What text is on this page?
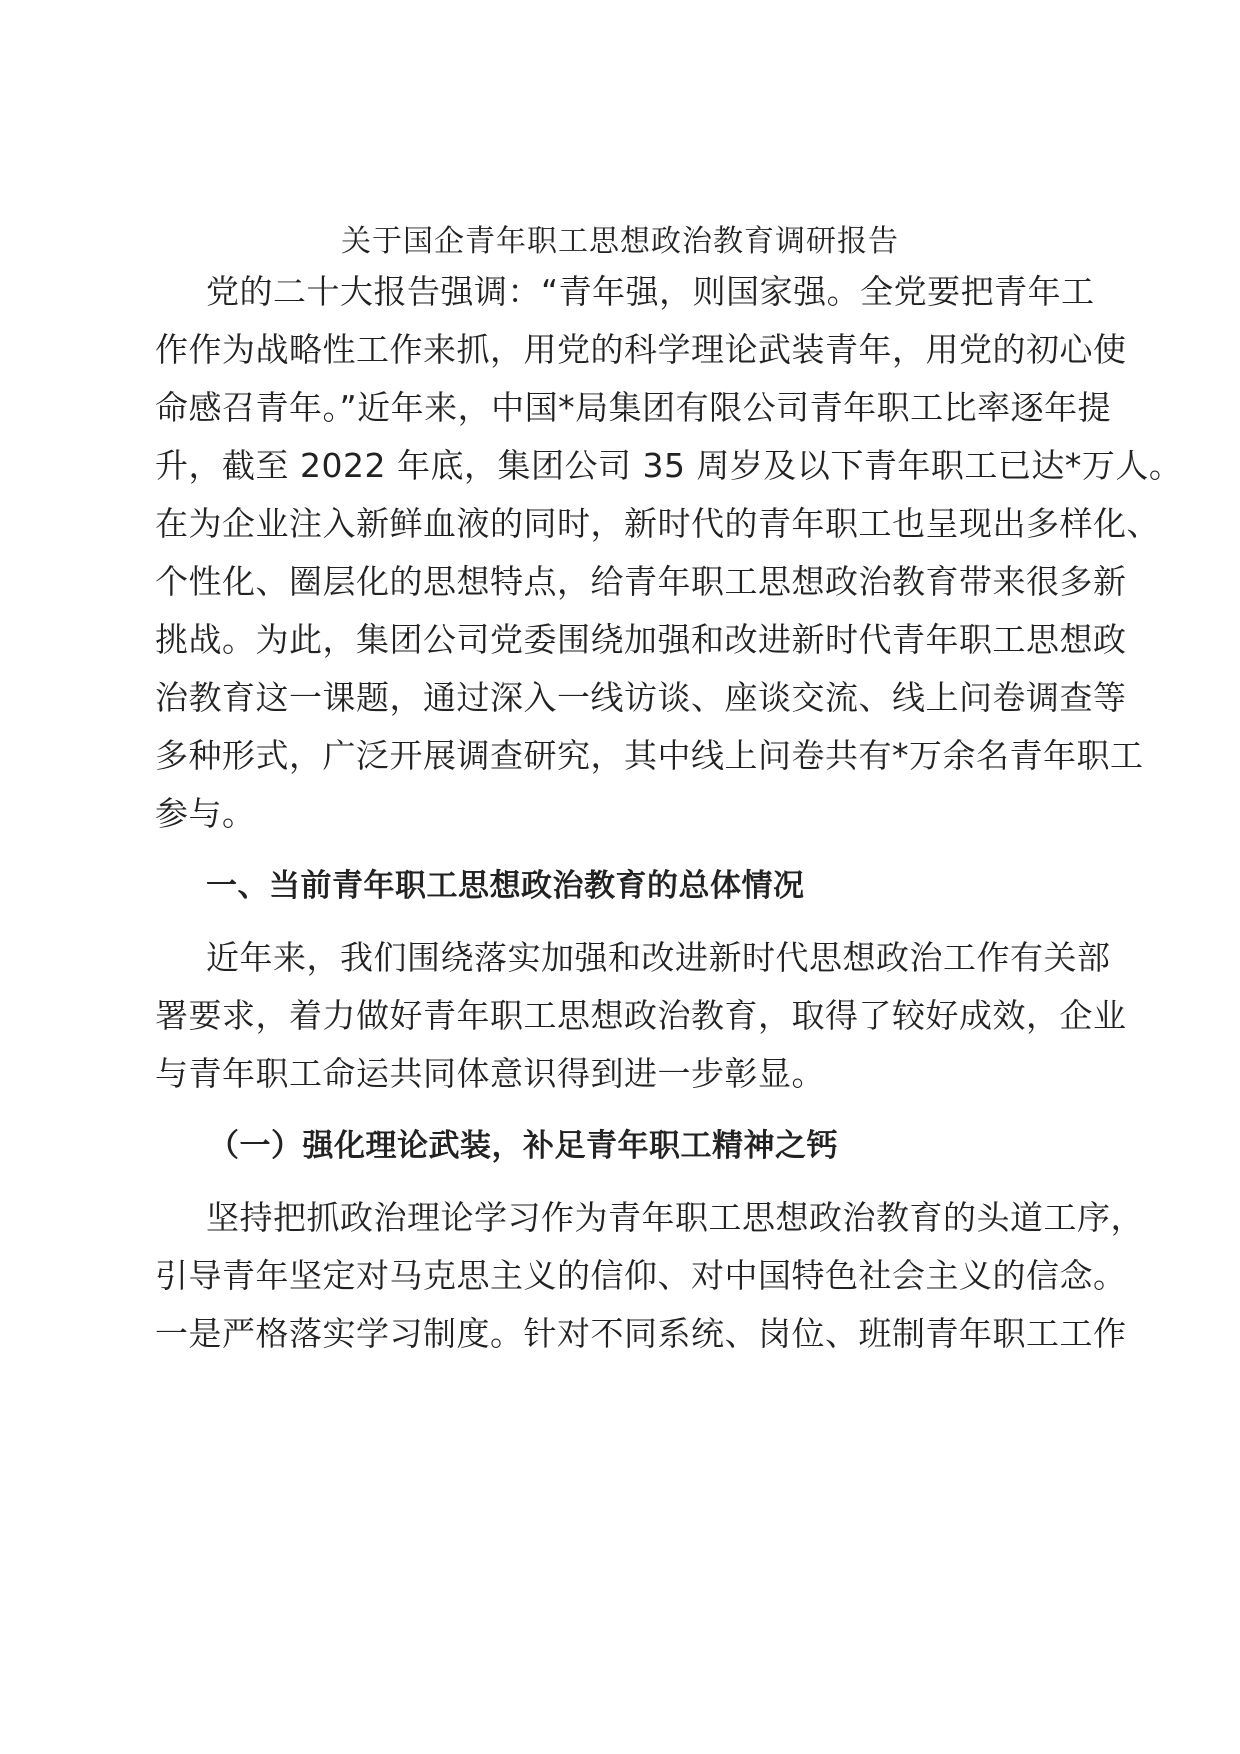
关于国企青年职工思想政治教育调研报告

党的二十大报告强调：“青年强，则国家强。全党要把青年工

作作为战略性工作来抓，用党的科学理论武装青年，用党的初心使

命感召青年。”近年来，中国*局集团有限公司青年职工比率逐年提

升，截至 2022 年底，集团公司 35 周岁及以下青年职工已达*万人。

在为企业注入新鲜血液的同时，新时代的青年职工也呈现出多样化、

个性化、圈层化的思想特点，给青年职工思想政治教育带来很多新

挑战。为此，集团公司党委围绕加强和改进新时代青年职工思想政

治教育这一课题，通过深入一线访谈、座谈交流、线上问卷调查等

多种形式，广泛开展调查研究，其中线上问卷共有*万余名青年职工

参与。

一、当前青年职工思想政治教育的总体情况

近年来，我们围绕落实加强和改进新时代思想政治工作有关部

署要求，着力做好青年职工思想政治教育，取得了较好成效，企业

与青年职工命运共同体意识得到进一步彰显。

（一）强化理论武装，补足青年职工精神之钙

坚持把抓政治理论学习作为青年职工思想政治教育的头道工序，

引导青年坚定对马克思主义的信仰、对中国特色社会主义的信念。

一是严格落实学习制度。针对不同系统、岗位、班制青年职工工作
